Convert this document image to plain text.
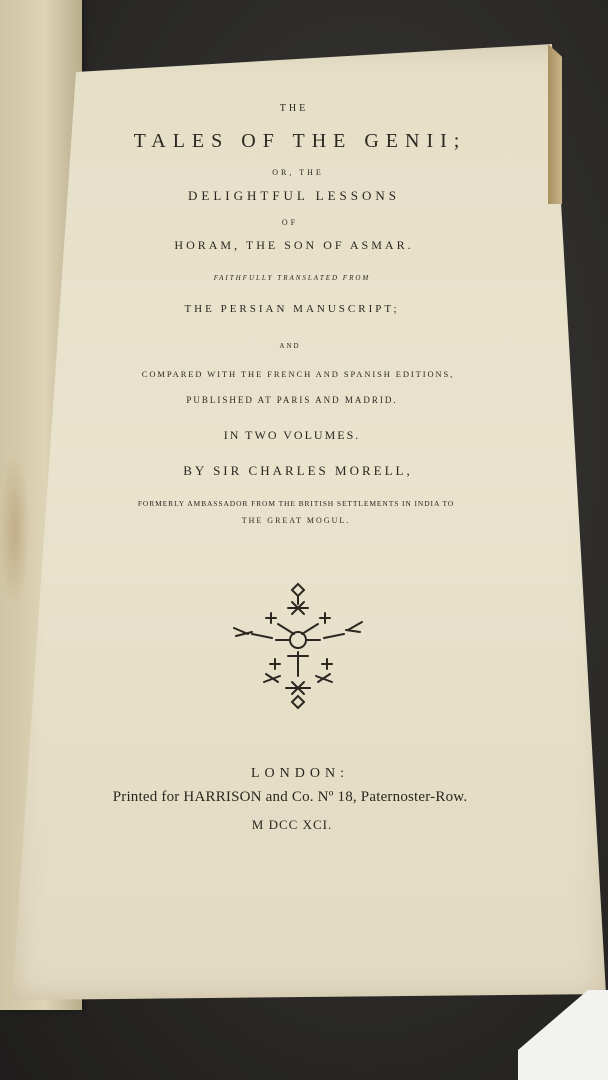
THE
TALES OF THE GENII;
OR, THE
DELIGHTFUL LESSONS
OF
HORAM, THE SON OF ASMAR.
FAITHFULLY TRANSLATED FROM
THE PERSIAN MANUSCRIPT;
AND
COMPARED WITH THE FRENCH AND SPANISH EDITIONS,
PUBLISHED AT PARIS AND MADRID.
IN TWO VOLUMES.
BY SIR CHARLES MORELL,
FORMERLY AMBASSADOR FROM THE BRITISH SETTLEMENTS IN INDIA TO
THE GREAT MOGUL.
LONDON:
Printed for HARRISON and Co. Nº 18, Paternoster-Row.
M DCC XCI.
